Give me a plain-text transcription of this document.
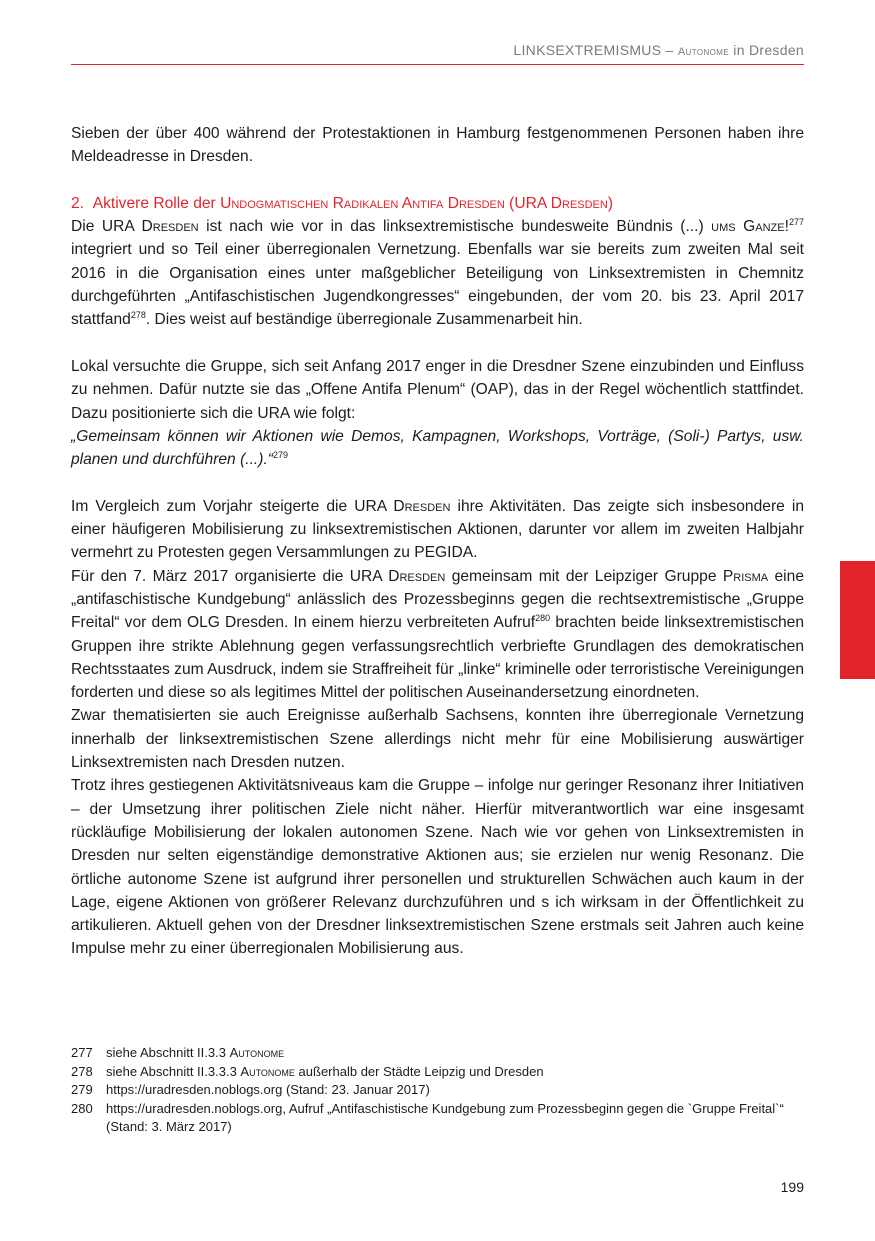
LINKSEXTREMISMUS – Autonome in Dresden

Sieben der über 400 während der Protestaktionen in Hamburg festgenommenen Personen haben ihre Meldeadresse in Dresden.

2. Aktivere Rolle der Undogmatischen Radikalen Antifa Dresden (URA Dresden)

Die URA Dresden ist nach wie vor in das linksextremistische bundesweite Bündnis (...) ums Ganze!$^{277}$ integriert und so Teil einer überregionalen Vernetzung. Ebenfalls war sie bereits zum zweiten Mal seit 2016 in die Organisation eines unter maßgeblicher Beteiligung von Linksextremisten in Chemnitz durchgeführten „Antifaschistischen Jugendkongresses“ eingebunden, der vom 20. bis 23. April 2017 stattfand$^{278}$. Dies weist auf beständige überregionale Zusammenarbeit hin.

Lokal versuchte die Gruppe, sich seit Anfang 2017 enger in die Dresdner Szene einzubinden und Einfluss zu nehmen. Dafür nutzte sie das „Offene Antifa Plenum“ (OAP), das in der Regel wöchentlich stattfindet. Dazu positionierte sich die URA wie folgt:

„Gemeinsam können wir Aktionen wie Demos, Kampagnen, Workshops, Vorträge, (Soli-) Partys, usw. planen und durchführen (...).“$^{279}$

Im Vergleich zum Vorjahr steigerte die URA Dresden ihre Aktivitäten. Das zeigte sich insbesondere in einer häufigeren Mobilisierung zu linksextremistischen Aktionen, darunter vor allem im zweiten Halbjahr vermehrt zu Protesten gegen Versammlungen zu PEGIDA.

Für den 7. März 2017 organisierte die URA Dresden gemeinsam mit der Leipziger Gruppe Prisma eine „antifaschistische Kundgebung“ anlässlich des Prozessbeginns gegen die rechtsextremistische „Gruppe Freital“ vor dem OLG Dresden. In einem hierzu verbreiteten Aufruf$^{280}$ brachten beide linksextremistischen Gruppen ihre strikte Ablehnung gegen verfassungsrechtlich verbriefte Grundlagen des demokratischen Rechtsstaates zum Ausdruck, indem sie Straffreiheit für „linke“ kriminelle oder terroristische Vereinigungen forderten und diese so als legitimes Mittel der politischen Auseinandersetzung einordneten.

Zwar thematisierten sie auch Ereignisse außerhalb Sachsens, konnten ihre überregionale Vernetzung innerhalb der linksextremistischen Szene allerdings nicht mehr für eine Mobilisierung auswärtiger Linksextremisten nach Dresden nutzen.

Trotz ihres gestiegenen Aktivitätsniveaus kam die Gruppe – infolge nur geringer Resonanz ihrer Initiativen – der Umsetzung ihrer politischen Ziele nicht näher. Hierfür mitverantwortlich war eine insgesamt rückläufige Mobilisierung der lokalen autonomen Szene. Nach wie vor gehen von Linksextremisten in Dresden nur selten eigenständige demonstrative Aktionen aus; sie erzielen nur wenig Resonanz. Die örtliche autonome Szene ist aufgrund ihrer personellen und strukturellen Schwächen auch kaum in der Lage, eigene Aktionen von größerer Relevanz durchzuführen und s ich wirksam in der Öffentlichkeit zu artikulieren. Aktuell gehen von der Dresdner linksextremistischen Szene erstmals seit Jahren auch keine Impulse mehr zu einer überregionalen Mobilisierung aus.

277	siehe Abschnitt II.3.3 Autonome
278	siehe Abschnitt II.3.3.3 Autonome außerhalb der Städte Leipzig und Dresden
279	https://uradresden.noblogs.org (Stand: 23. Januar 2017)
280	https://uradresden.noblogs.org, Aufruf „Antifaschistische Kundgebung zum Prozessbeginn gegen die `Gruppe Freital`“ (Stand: 3. März 2017)
199
